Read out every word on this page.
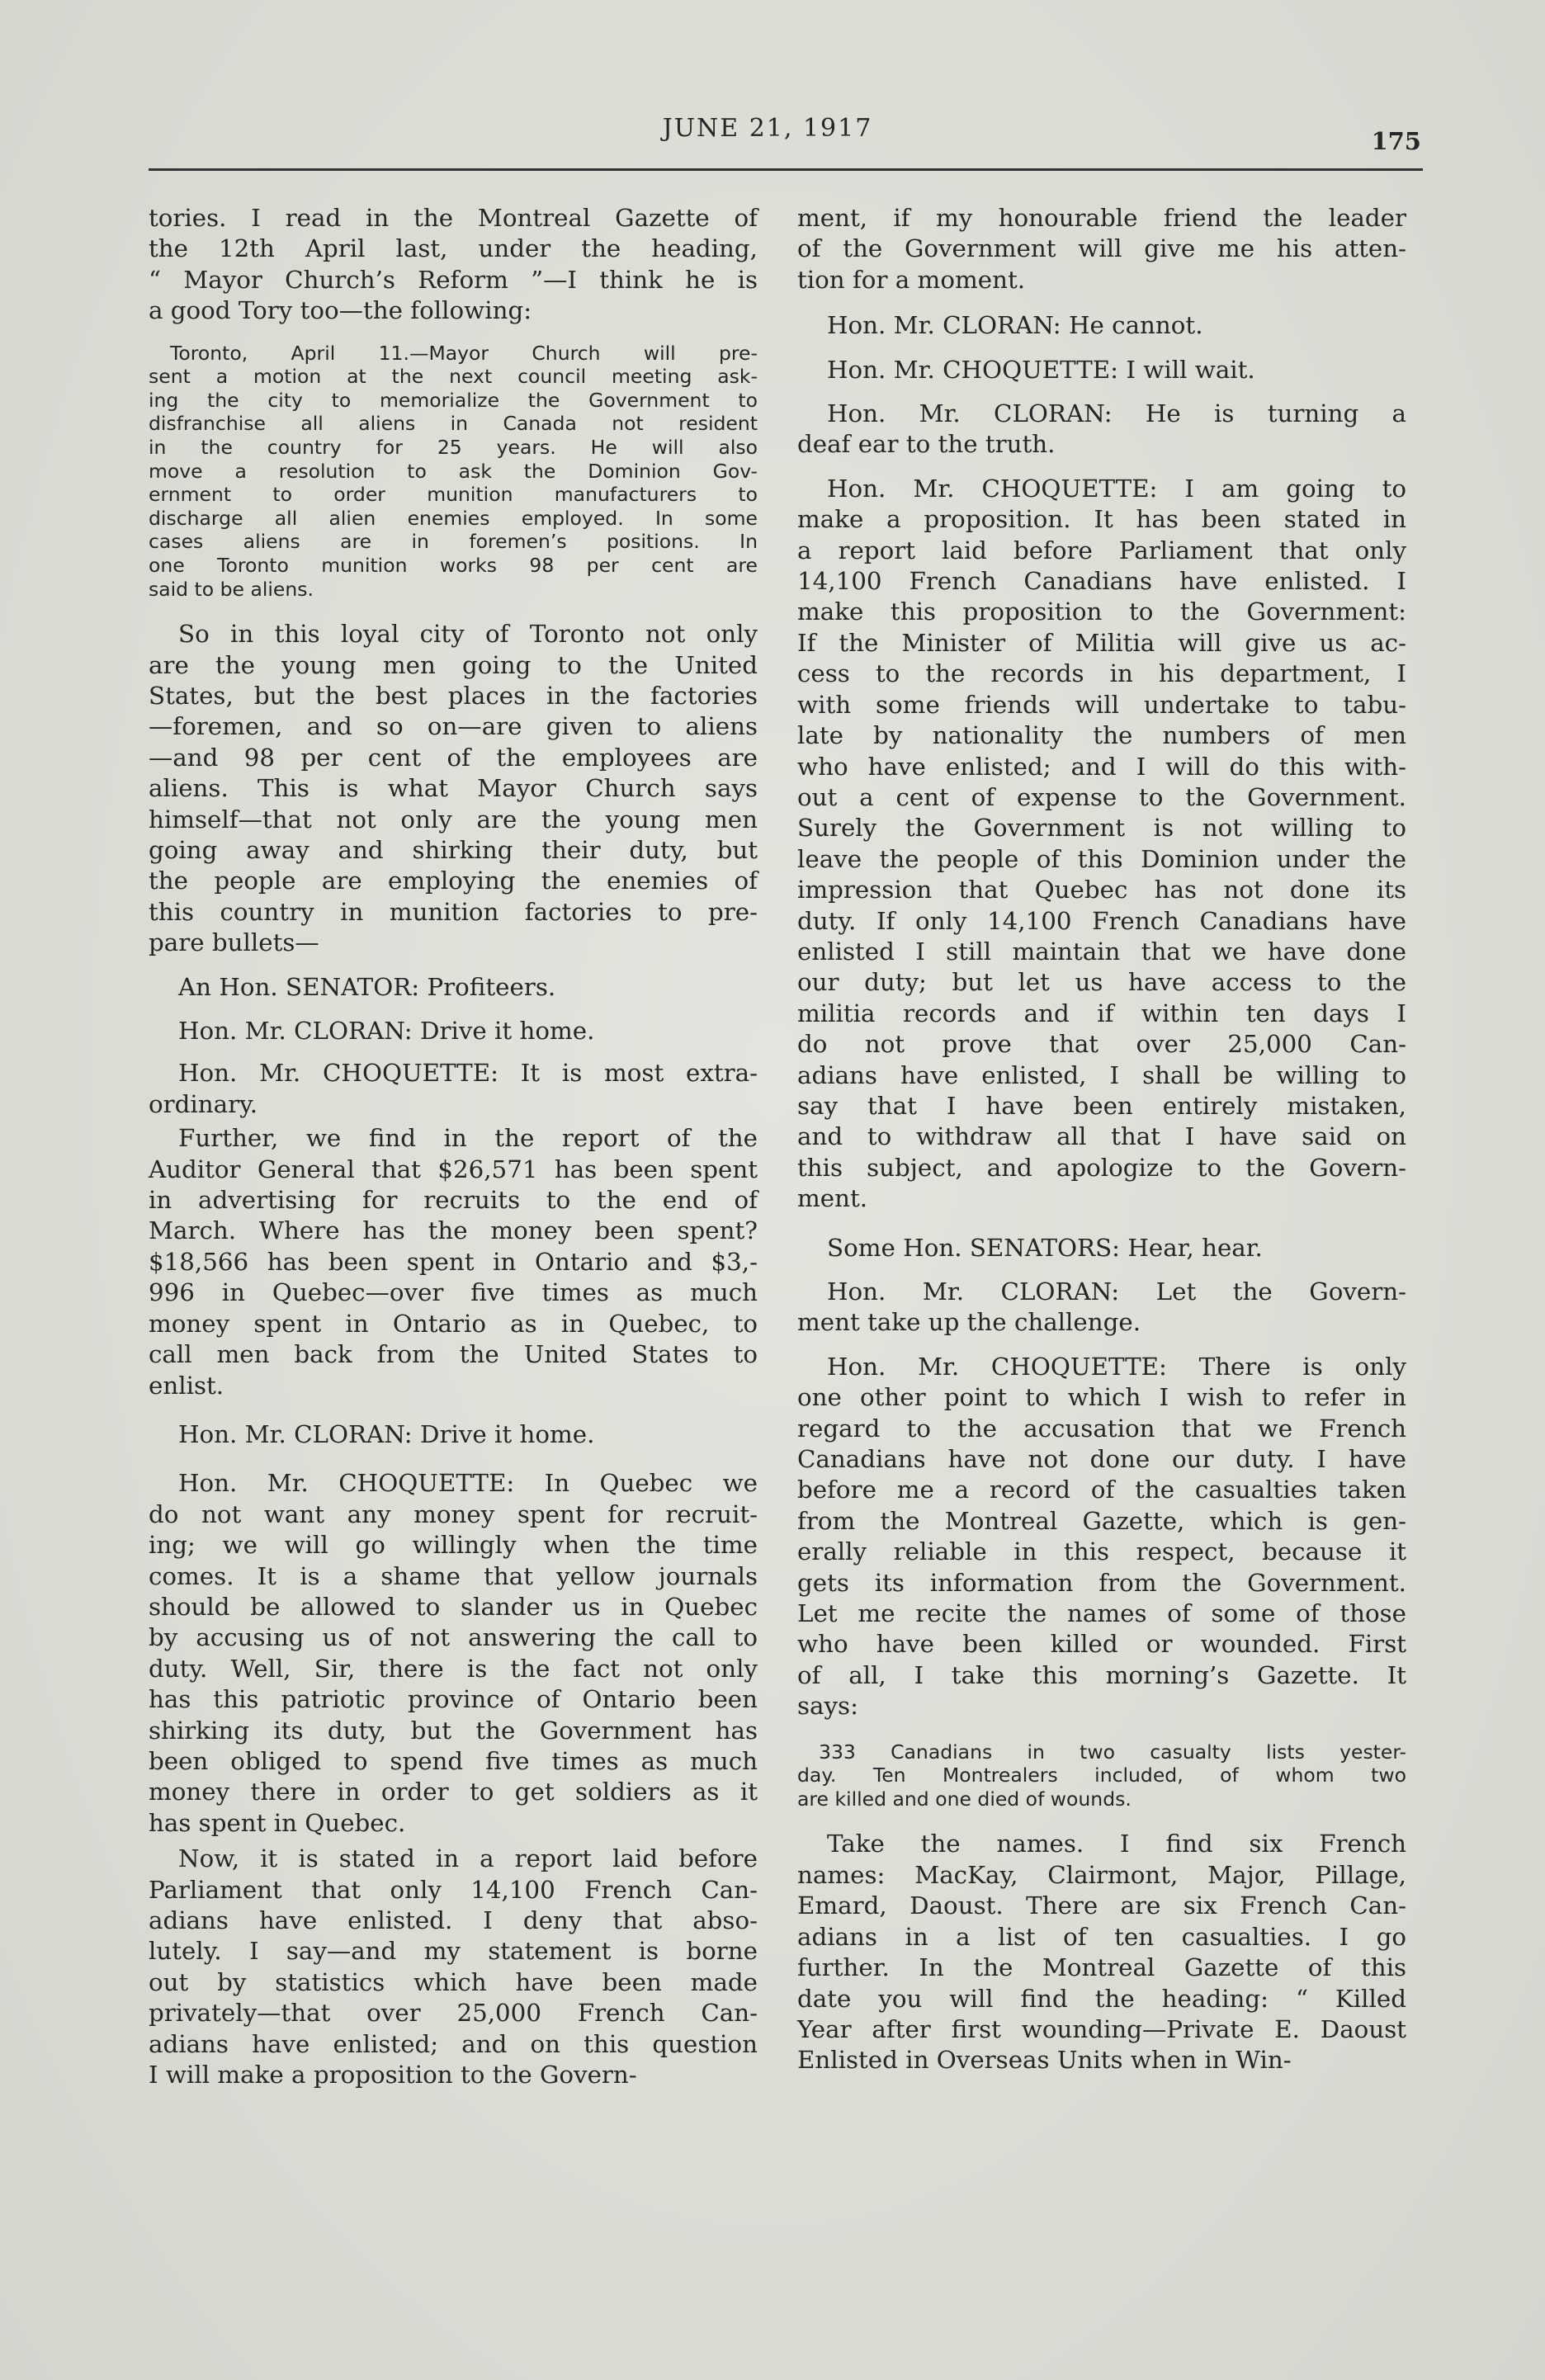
JUNE 21, 1917	175
tories. I read in the Montreal Gazette of
the 12th April last, under the heading,
“ Mayor Church’s Reform ”—I think he is
a good Tory too—the following:
Toronto, April 11.—Mayor Church will pre-
sent a motion at the next council meeting ask-
ing the city to memorialize the Government to
disfranchise all aliens in Canada not resident
in the country for 25 years. He will also
move a resolution to ask the Dominion Gov-
ernment to order munition manufacturers to
discharge all alien enemies employed. In some
cases aliens are in foremen’s positions. In
one Toronto munition works 98 per cent are
said to be aliens.
So in this loyal city of Toronto not only
are the young men going to the United
States, but the best places in the factories
—foremen, and so on—are given to aliens
—and 98 per cent of the employees are
aliens. This is what Mayor Church says
himself—that not only are the young men
going away and shirking their duty, but
the people are employing the enemies of
this country in munition factories to pre-
pare bullets—
An Hon. SENATOR: Profiteers.
Hon. Mr. CLORAN: Drive it home.
Hon. Mr. CHOQUETTE: It is most extra-
ordinary.
Further, we find in the report of the
Auditor General that $26,571 has been spent
in advertising for recruits to the end of
March. Where has the money been spent?
$18,566 has been spent in Ontario and $3,-
996 in Quebec—over five times as much
money spent in Ontario as in Quebec, to
call men back from the United States to
enlist.
Hon. Mr. CLORAN: Drive it home.
Hon. Mr. CHOQUETTE: In Quebec we
do not want any money spent for recruit-
ing; we will go willingly when the time
comes. It is a shame that yellow journals
should be allowed to slander us in Quebec
by accusing us of not answering the call to
duty. Well, Sir, there is the fact not only
has this patriotic province of Ontario been
shirking its duty, but the Government has
been obliged to spend five times as much
money there in order to get soldiers as it
has spent in Quebec.
Now, it is stated in a report laid before
Parliament that only 14,100 French Can-
adians have enlisted. I deny that abso-
lutely. I say—and my statement is borne
out by statistics which have been made
privately—that over 25,000 French Can-
adians have enlisted; and on this question
I will make a proposition to the Govern-
ment, if my honourable friend the leader
of the Government will give me his atten-
tion for a moment.
Hon. Mr. CLORAN: He cannot.
Hon. Mr. CHOQUETTE: I will wait.
Hon. Mr. CLORAN: He is turning a
deaf ear to the truth.
Hon. Mr. CHOQUETTE: I am going to
make a proposition. It has been stated in
a report laid before Parliament that only
14,100 French Canadians have enlisted. I
make this proposition to the Government:
If the Minister of Militia will give us ac-
cess to the records in his department, I
with some friends will undertake to tabu-
late by nationality the numbers of men
who have enlisted; and I will do this with-
out a cent of expense to the Government.
Surely the Government is not willing to
leave the people of this Dominion under the
impression that Quebec has not done its
duty. If only 14,100 French Canadians have
enlisted I still maintain that we have done
our duty; but let us have access to the
militia records and if within ten days I
do not prove that over 25,000 Can-
adians have enlisted, I shall be willing to
say that I have been entirely mistaken,
and to withdraw all that I have said on
this subject, and apologize to the Govern-
ment.
Some Hon. SENATORS: Hear, hear.
Hon. Mr. CLORAN: Let the Govern-
ment take up the challenge.
Hon. Mr. CHOQUETTE: There is only
one other point to which I wish to refer in
regard to the accusation that we French
Canadians have not done our duty. I have
before me a record of the casualties taken
from the Montreal Gazette, which is gen-
erally reliable in this respect, because it
gets its information from the Government.
Let me recite the names of some of those
who have been killed or wounded. First
of all, I take this morning’s Gazette. It
says:
333 Canadians in two casualty lists yester-
day. Ten Montrealers included, of whom two
are killed and one died of wounds.
Take the names. I find six French
names: MacKay, Clairmont, Major, Pillage,
Emard, Daoust. There are six French Can-
adians in a list of ten casualties. I go
further. In the Montreal Gazette of this
date you will find the heading: “ Killed
Year after first wounding—Private E. Daoust
Enlisted in Overseas Units when in Win-
